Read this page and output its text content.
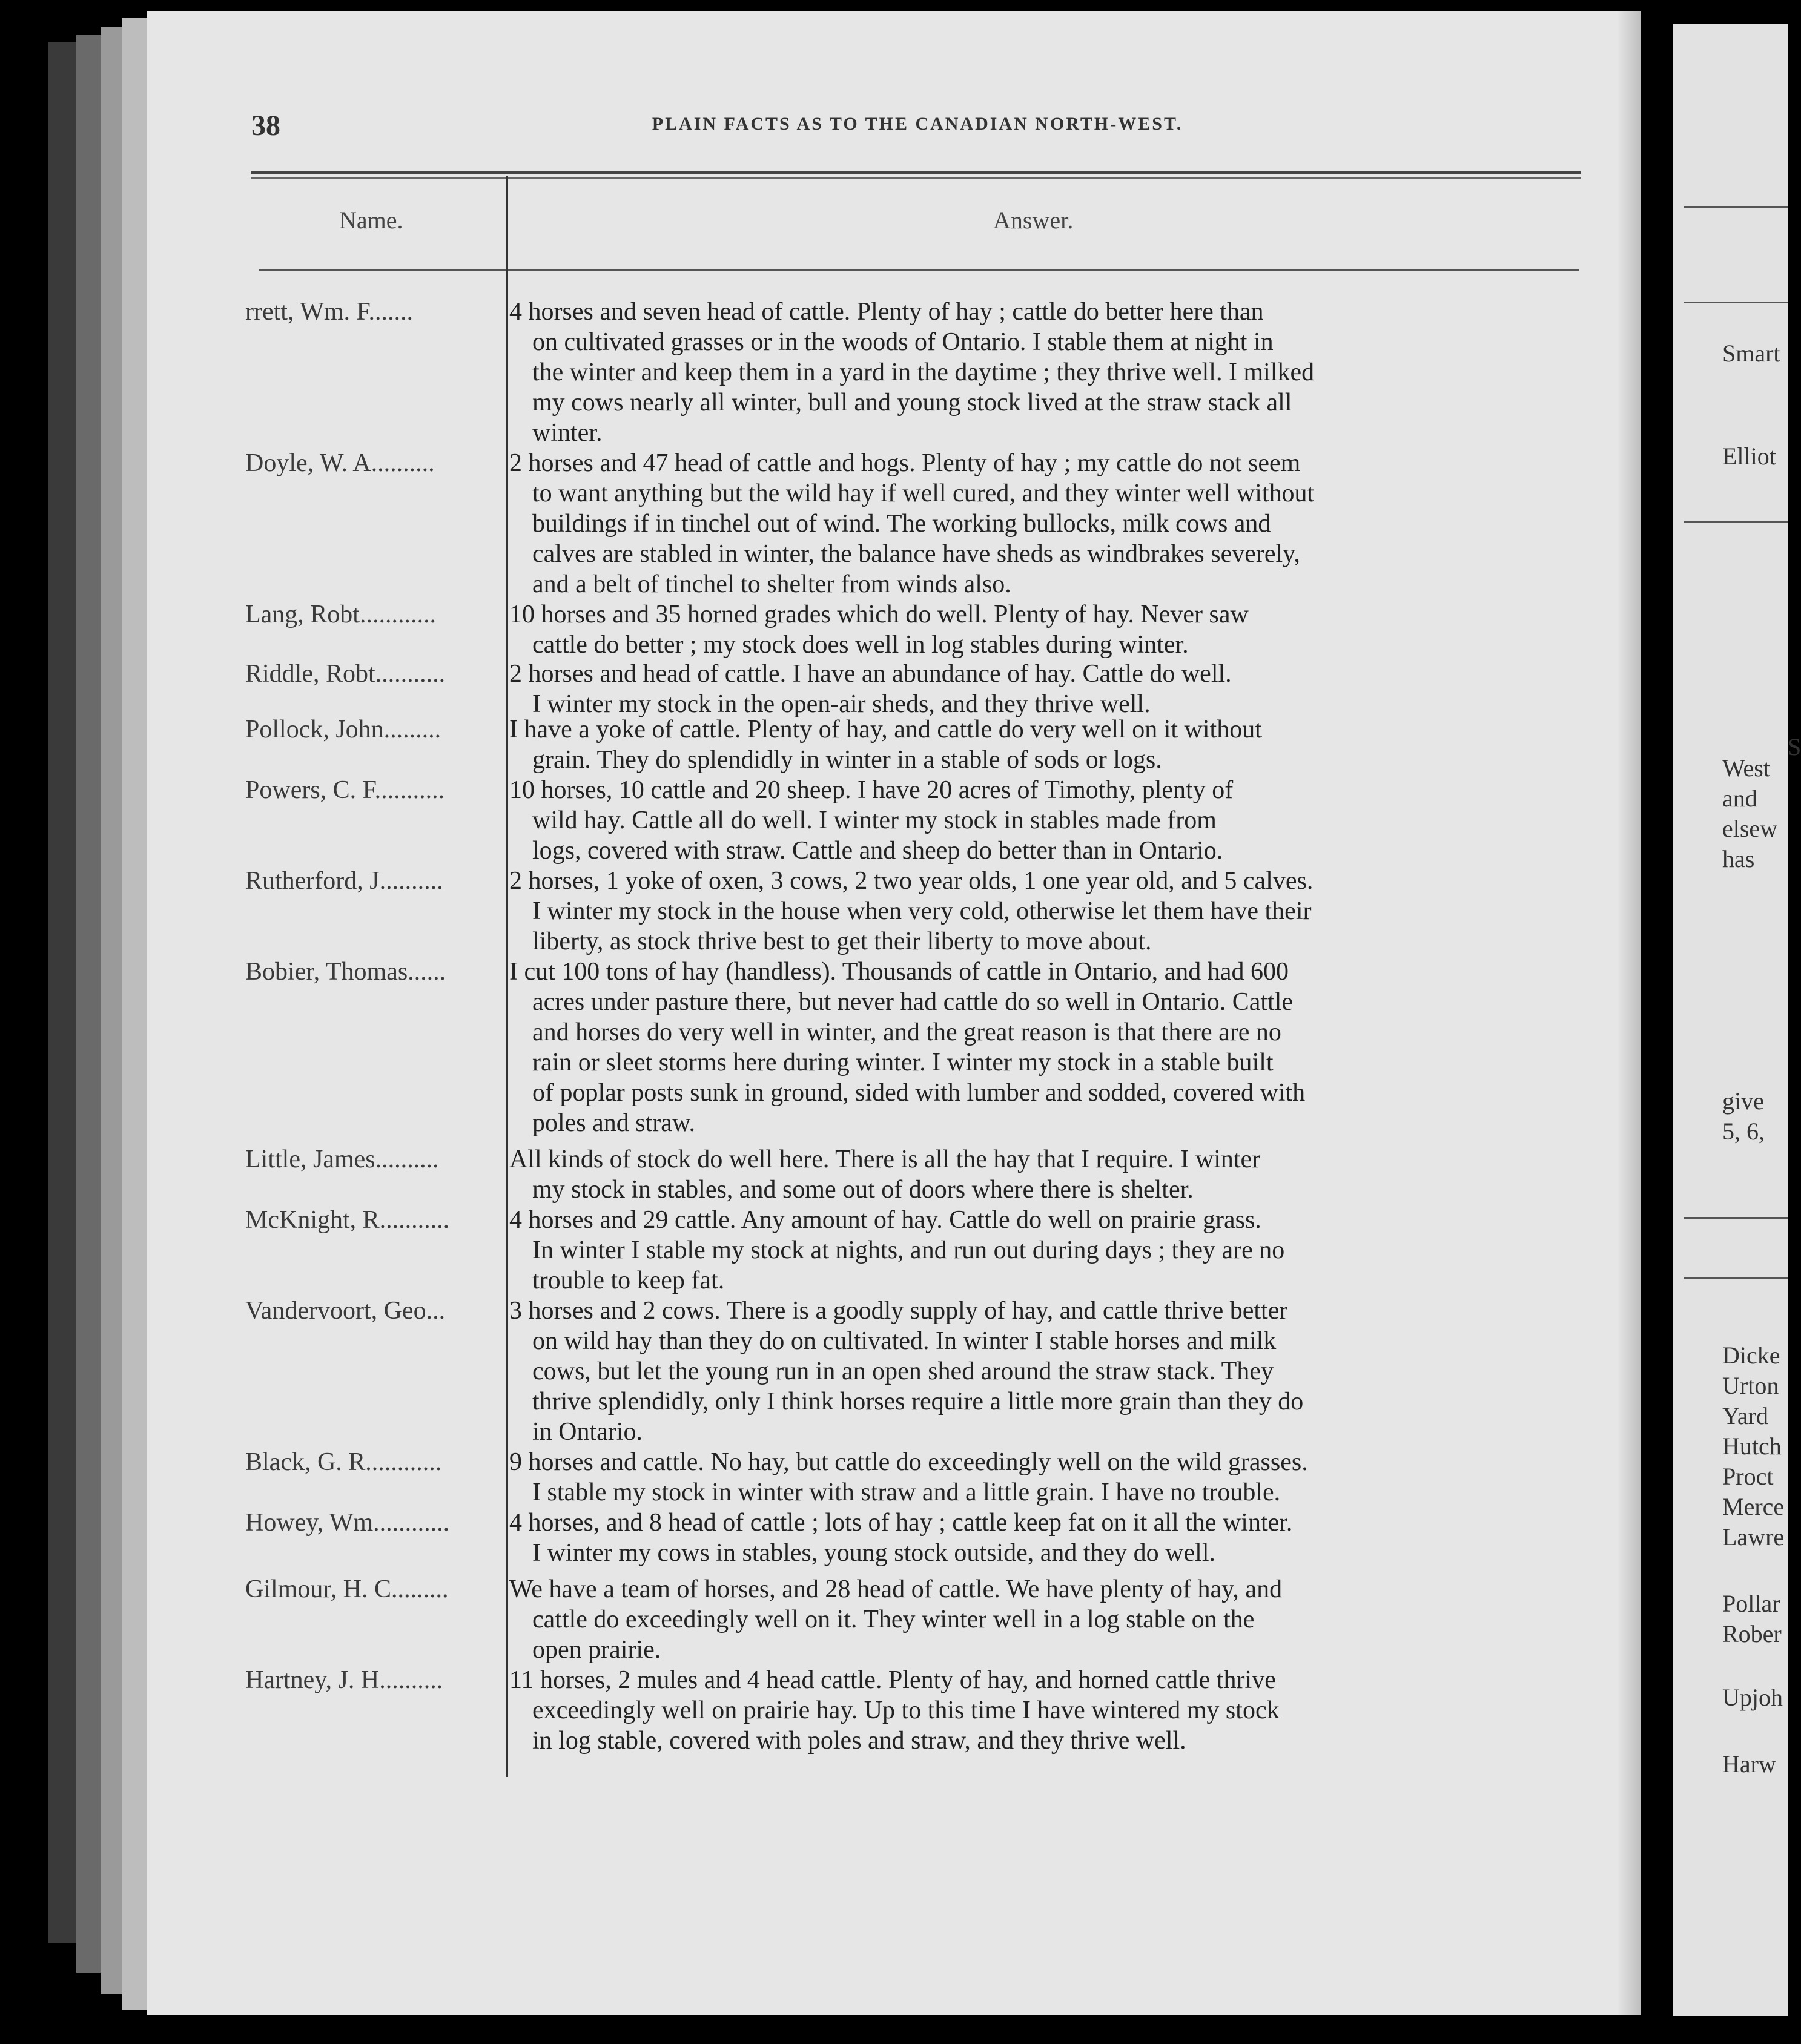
38	PLAIN FACTS AS TO THE CANADIAN NORTH-WEST.
Name.	Answer.
rrett, Wm. F.......	4 horses and seven head of cattle. Plenty of hay ; cattle do better here than
on cultivated grasses or in the woods of Ontario. I stable them at night in
the winter and keep them in a yard in the daytime ; they thrive well. I milked
my cows nearly all winter, bull and young stock lived at the straw stack all
winter.
Doyle, W. A..........	2 horses and 47 head of cattle and hogs. Plenty of hay ; my cattle do not seem
to want anything but the wild hay if well cured, and they winter well without
buildings if in tinchel out of wind. The working bullocks, milk cows and
calves are stabled in winter, the balance have sheds as windbrakes severely,
and a belt of tinchel to shelter from winds also.
Lang, Robt............	10 horses and 35 horned grades which do well. Plenty of hay. Never saw
cattle do better ; my stock does well in log stables during winter.
Riddle, Robt...........	2 horses and head of cattle. I have an abundance of hay. Cattle do well.
I winter my stock in the open-air sheds, and they thrive well.
Pollock, John.........	I have a yoke of cattle. Plenty of hay, and cattle do very well on it without
grain. They do splendidly in winter in a stable of sods or logs.
Powers, C. F...........	10 horses, 10 cattle and 20 sheep. I have 20 acres of Timothy, plenty of
wild hay. Cattle all do well. I winter my stock in stables made from
logs, covered with straw. Cattle and sheep do better than in Ontario.
Rutherford, J..........	2 horses, 1 yoke of oxen, 3 cows, 2 two year olds, 1 one year old, and 5 calves.
I winter my stock in the house when very cold, otherwise let them have their
liberty, as stock thrive best to get their liberty to move about.
Bobier, Thomas......	I cut 100 tons of hay (handless). Thousands of cattle in Ontario, and had 600
acres under pasture there, but never had cattle do so well in Ontario. Cattle
and horses do very well in winter, and the great reason is that there are no
rain or sleet storms here during winter. I winter my stock in a stable built
of poplar posts sunk in ground, sided with lumber and sodded, covered with
poles and straw.
Little, James..........	All kinds of stock do well here. There is all the hay that I require. I winter
my stock in stables, and some out of doors where there is shelter.
McKnight, R...........	4 horses and 29 cattle. Any amount of hay. Cattle do well on prairie grass.
In winter I stable my stock at nights, and run out during days ; they are no
trouble to keep fat.
Vandervoort, Geo...	3 horses and 2 cows. There is a goodly supply of hay, and cattle thrive better
on wild hay than they do on cultivated. In winter I stable horses and milk
cows, but let the young run in an open shed around the straw stack. They
thrive splendidly, only I think horses require a little more grain than they do
in Ontario.
Black, G. R............	9 horses and cattle. No hay, but cattle do exceedingly well on the wild grasses.
I stable my stock in winter with straw and a little grain. I have no trouble.
Howey, Wm............	4 horses, and 8 head of cattle ; lots of hay ; cattle keep fat on it all the winter.
I winter my cows in stables, young stock outside, and they do well.
Gilmour, H. C.........	We have a team of horses, and 28 head of cattle. We have plenty of hay, and
cattle do exceedingly well on it. They winter well in a log stable on the
open prairie.
Hartney, J. H..........	11 horses, 2 mules and 4 head cattle. Plenty of hay, and horned cattle thrive
exceedingly well on prairie hay. Up to this time I have wintered my stock
in log stable, covered with poles and straw, and they thrive well.
Smart
Elliot
S
West
and
elsew
has
give
5, 6,
Dicke
Urton
Yard
Hutch
Proct
Merce
Lawre
Pollar
Rober
Upjoh
Harw
